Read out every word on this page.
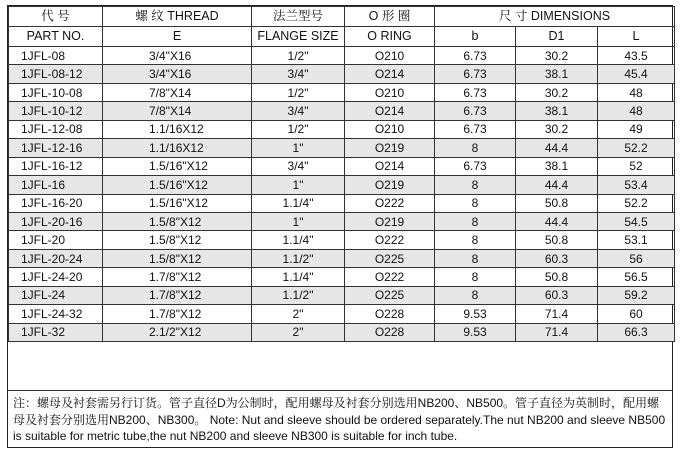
代 号	螺 纹 THREAD	法兰型号	O 形 圈	尺 寸 DIMENSIONS		
PART NO.	E	FLANGE SIZE	O RING	b	D1	L
1JFL-08	3/4"X16	1/2"	O210	6.73	30.2	43.5
1JFL-08-12	3/4"X16	3/4"	O214	6.73	38.1	45.4
1JFL-10-08	7/8"X14	1/2"	O210	6.73	30.2	48
1JFL-10-12	7/8"X14	3/4"	O214	6.73	38.1	48
1JFL-12-08	1.1/16X12	1/2"	O210	6.73	30.2	49
1JFL-12-16	1.1/16X12	1"	O219	8	44.4	52.2
1JFL-16-12	1.5/16"X12	3/4"	O214	6.73	38.1	52
1JFL-16	1.5/16"X12	1"	O219	8	44.4	53.4
1JFL-16-20	1.5/16"X12	1.1/4"	O222	8	50.8	52.2
1JFL-20-16	1.5/8"X12	1"	O219	8	44.4	54.5
1JFL-20	1.5/8"X12	1.1/4"	O222	8	50.8	53.1
1JFL-20-24	1.5/8"X12	1.1/2"	O225	8	60.3	56
1JFL-24-20	1.7/8"X12	1.1/4"	O222	8	50.8	56.5
1JFL-24	1.7/8"X12	1.1/2"	O225	8	60.3	59.2
1JFL-24-32	1.7/8"X12	2"	O228	9.53	71.4	60
1JFL-32	2.1/2"X12	2"	O228	9.53	71.4	66.3
注：螺母及衬套需另行订货。管子直径D为公制时，配用螺母及衬套分别选用NB200、NB500。管子直径为英制时，配用螺母及衬套分别选用NB200、NB300。 Note: Nut and sleeve should be ordered separately.The nut NB200 and sleeve NB500 is suitable for metric tube,the nut NB200 and sleeve NB300 is suitable for inch tube.
